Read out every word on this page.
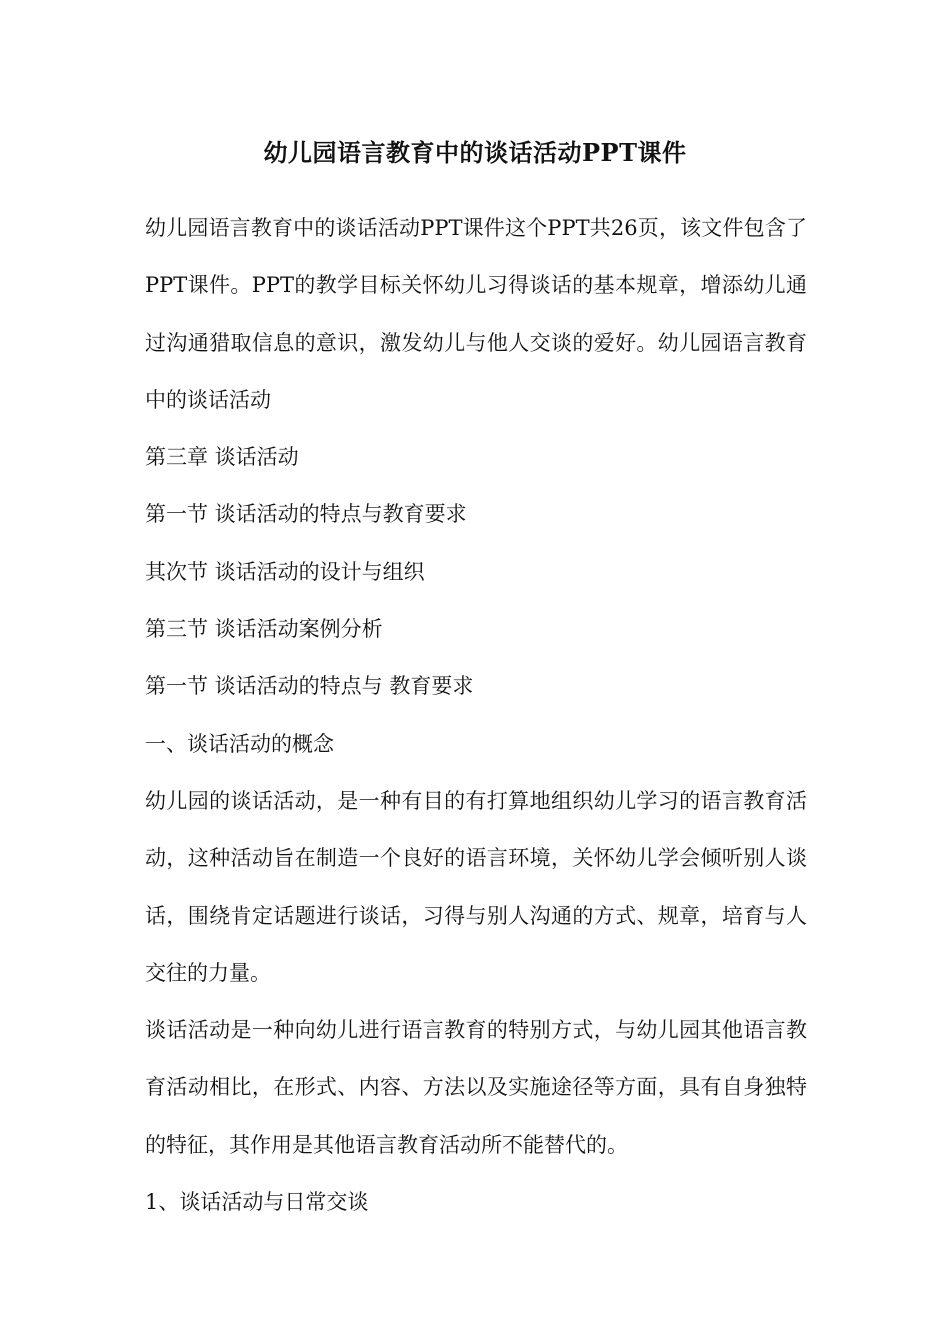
幼儿园语言教育中的谈话活动PPT课件

幼儿园语言教育中的谈话活动PPT课件这个PPT共26页，该文件包含了PPT课件。PPT的教学目标关怀幼儿习得谈话的基本规章，增添幼儿通过沟通猎取信息的意识，激发幼儿与他人交谈的爱好。幼儿园语言教育中的谈话活动

第三章 谈话活动

第一节 谈话活动的特点与教育要求

其次节 谈话活动的设计与组织

第三节 谈话活动案例分析

第一节 谈话活动的特点与 教育要求

一、谈话活动的概念

幼儿园的谈话活动，是一种有目的有打算地组织幼儿学习的语言教育活动，这种活动旨在制造一个良好的语言环境，关怀幼儿学会倾听别人谈话，围绕肯定话题进行谈话，习得与别人沟通的方式、规章，培育与人交往的力量。

谈话活动是一种向幼儿进行语言教育的特别方式，与幼儿园其他语言教育活动相比，在形式、内容、方法以及实施途径等方面，具有自身独特的特征，其作用是其他语言教育活动所不能替代的。

1、谈话活动与日常交谈
